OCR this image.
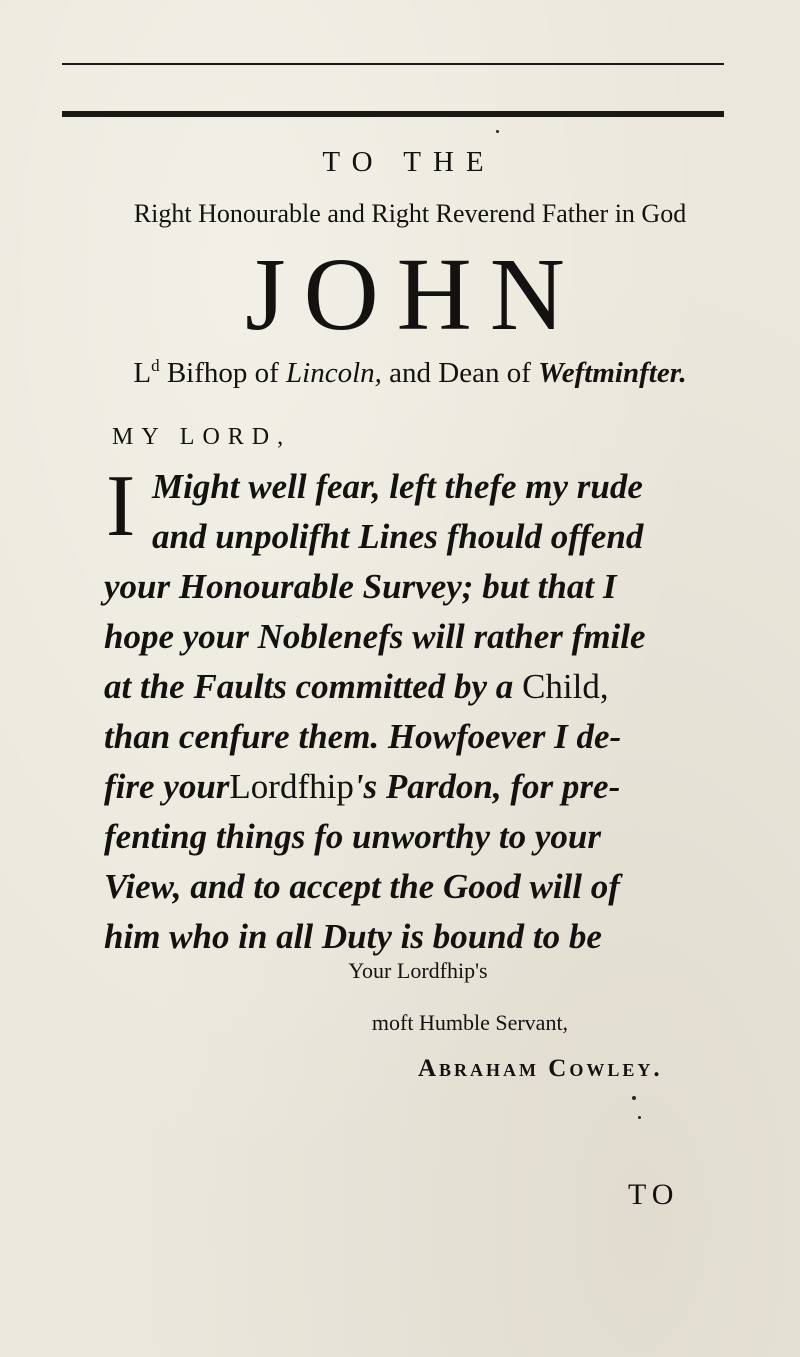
TO THE
Right Honourable and Right Reverend Father in God
JOHN
$L^d$ Bifhop of Lincoln, and Dean of Weftminfter.
MY LORD,
I Might well fear, left thefe my rude
and unpolifht Lines fhould offend
your Honourable Survey; but that I
hope your Noblenefs will rather fmile
at the Faults committed by a Child,
than cenfure them. Howfoever I de-
fire yourLordfhip's Pardon, for pre-
fenting things fo unworthy to your
View, and to accept the Good will of
him who in all Duty is bound to be
Your Lordfhip's
moft Humble Servant,
Abraham Cowley.
TO
